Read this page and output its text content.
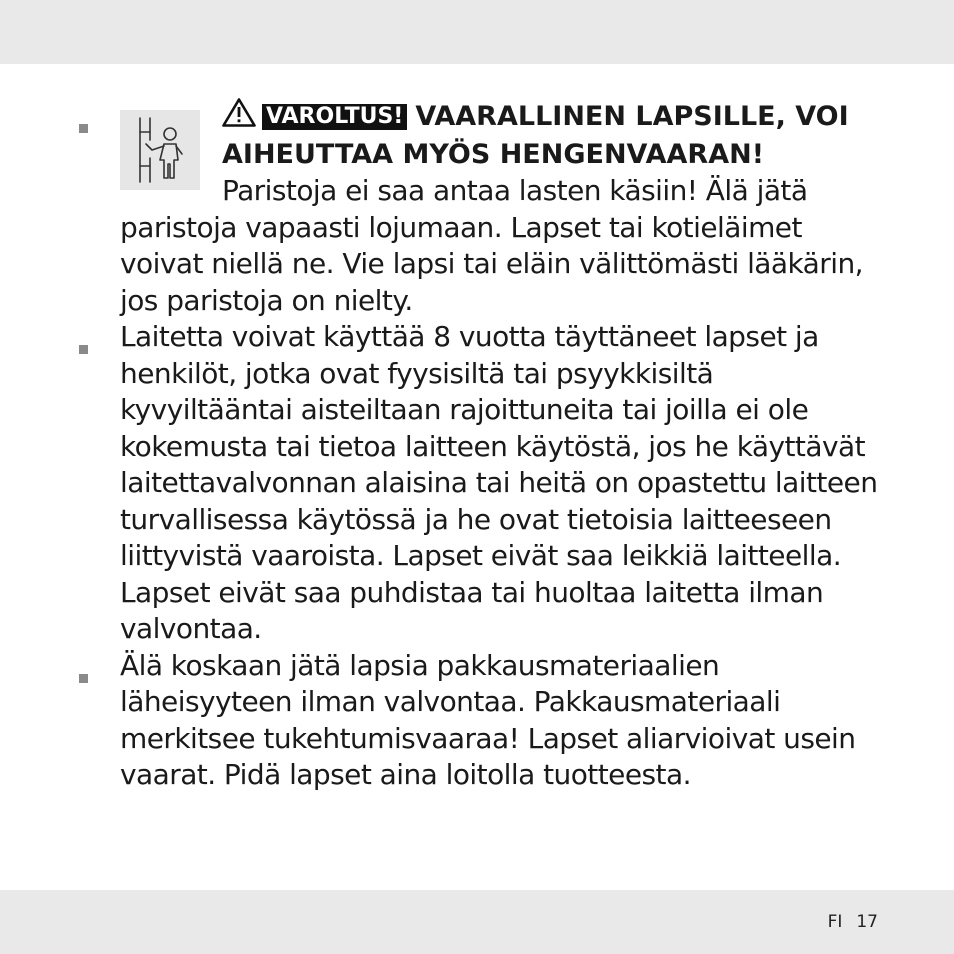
VAROLTUS! VAARALLINEN LAPSILLE, VOI AIHEUTTAA MYÖS HENGENVAARAN! Paristoja ei saa antaa lasten käsiin! Älä jätä paristoja vapaasti lojumaan. Lapset tai kotieläimet voivat niellä ne. Vie lapsi tai eläin välittömästi lääkärin, jos paristoja on nielty.

Laitetta voivat käyttää 8 vuotta täyttäneet lapset ja henkilöt, jotka ovat fyysisiltä tai psyykkisiltä kyvyiltääntai aisteiltaan rajoittuneita tai joilla ei ole kokemusta tai tietoa laitteen käytöstä, jos he käyttävät laitettavalvonnan alaisina tai heitä on opastettu laitteen turvallisessa käytössä ja he ovat tietoisia laitteeseen liittyvistä vaaroista. Lapset eivät saa leikkiä laitteella. Lapset eivät saa puhdistaa tai huoltaa laitetta ilman valvontaa.

Älä koskaan jätä lapsia pakkausmateriaalien läheisyyteen ilman valvontaa. Pakkausmateriaali merkitsee tukehtumisvaaraa! Lapset aliarvioivat usein vaarat. Pidä lapset aina loitolla tuotteesta.

FI 17
